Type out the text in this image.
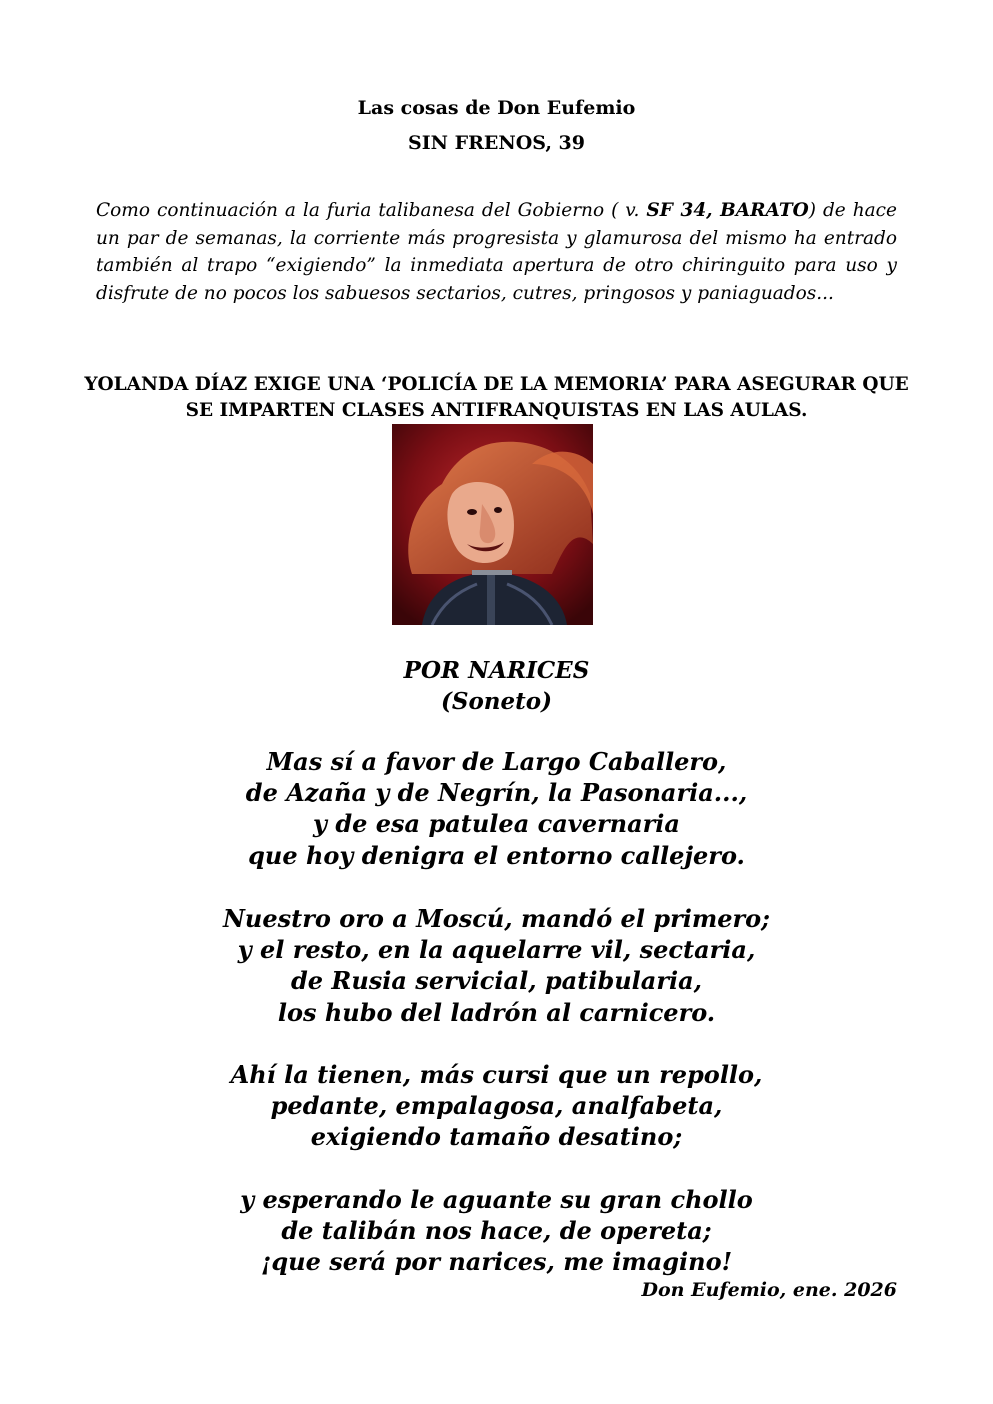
Las cosas de Don Eufemio
SIN FRENOS, 39
Como continuación a la furia talibanesa del Gobierno ( v. SF 34, BARATO) de hace un par de semanas, la corriente más progresista y glamurosa del mismo ha entrado también al trapo “exigiendo” la inmediata apertura de otro chiringuito para uso y disfrute de no pocos los sabuesos sectarios, cutres, pringosos y paniaguados...
YOLANDA DÍAZ EXIGE UNA ‘POLICÍA DE LA MEMORIA’ PARA ASEGURAR QUE
SE IMPARTEN CLASES ANTIFRANQUISTAS EN LAS AULAS.
POR NARICES
(Soneto)
Mas sí a favor de Largo Caballero,
de Azaña y de Negrín, la Pasonaria...,
y de esa patulea cavernaria
que hoy denigra el entorno callejero.
Nuestro oro a Moscú, mandó el primero;
y el resto, en la aquelarre vil, sectaria,
de Rusia servicial, patibularia,
los hubo del ladrón al carnicero.
Ahí la tienen, más cursi que un repollo,
pedante, empalagosa, analfabeta,
exigiendo tamaño desatino;
y esperando le aguante su gran chollo
de talibán nos hace, de opereta;
¡que será por narices, me imagino!
Don Eufemio, ene. 2026
